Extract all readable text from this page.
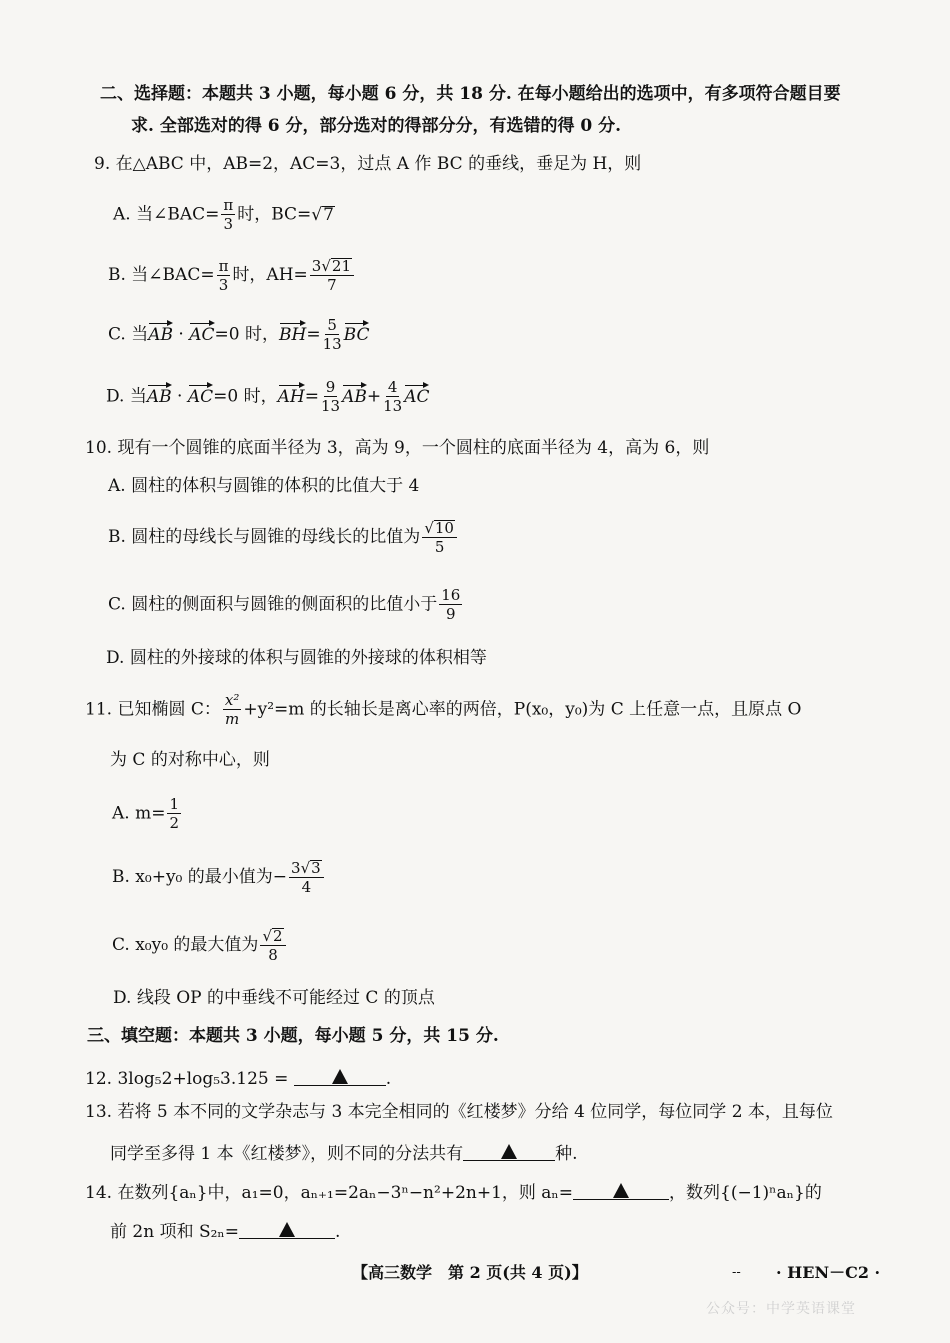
二、选择题：本题共 3 小题，每小题 6 分，共 18 分. 在每小题给出的选项中，有多项符合题目要
求. 全部选对的得 6 分，部分选对的得部分分，有选错的得 0 分.
9. 在△ABC 中，AB=2，AC=3，过点 A 作 BC 的垂线，垂足为 H，则
A. 当∠BAC= $\frac{\pi}{3}$ 时，BC=√7
B. 当∠BAC= $\frac{\pi}{3}$ 时，$AH= \frac{3√21}{7}$
C. 当AB · AC=0 时，$BH= \frac{5}{13}$ BC
D. 当AB · AC=0 时，$AH= \frac{9}{13} AB+ \frac{4}{13}$ AC
10. 现有一个圆锥的底面半径为 3，高为 9，一个圆柱的底面半径为 4，高为 6，则
A. 圆柱的体积与圆锥的体积的比值大于 4
B. 圆柱的母线长与圆锥的母线长的比值为 $\frac{√10}{5}$
C. 圆柱的侧面积与圆锥的侧面积的比值小于 $\frac{16}{9}$
D. 圆柱的外接球的体积与圆锥的外接球的体积相等
11. 已知椭圆 C： $\frac{\text{x²}}{m} +y^2=m$ 的长轴长是离心率的两倍，P(x₀，y₀)为 C 上任意一点，且原点 O
为 C 的对称中心，则
A. $m= \frac{1}{2}$
B. x₀+y₀ 的最小值为− $\frac{3√3}{4}$
C. x₀y₀ 的最大值为 $\frac{√2}{8}$
D. 线段 OP 的中垂线不可能经过 C 的顶点
三、填空题：本题共 3 小题，每小题 5 分，共 15 分.
12. 3log₅2+log₅3.125 =	.
13. 若将 5 本不同的文学杂志与 3 本完全相同的《红楼梦》分给 4 位同学，每位同学 2 本，且每位
同学至多得 1 本《红楼梦》，则不同的分法共有	种.
14. 在数列{aₙ}中，a₁=0，aₙ₊₁=2aₙ−3ⁿ−n²+2n+1，则 aₙ=	，数列{(−1)ⁿaₙ}的
前 2n 项和 S₂ₙ=	.
【高三数学　第 2 页(共 4 页)】	-- · HEN－C2 ·
公众号：中学英语课堂
